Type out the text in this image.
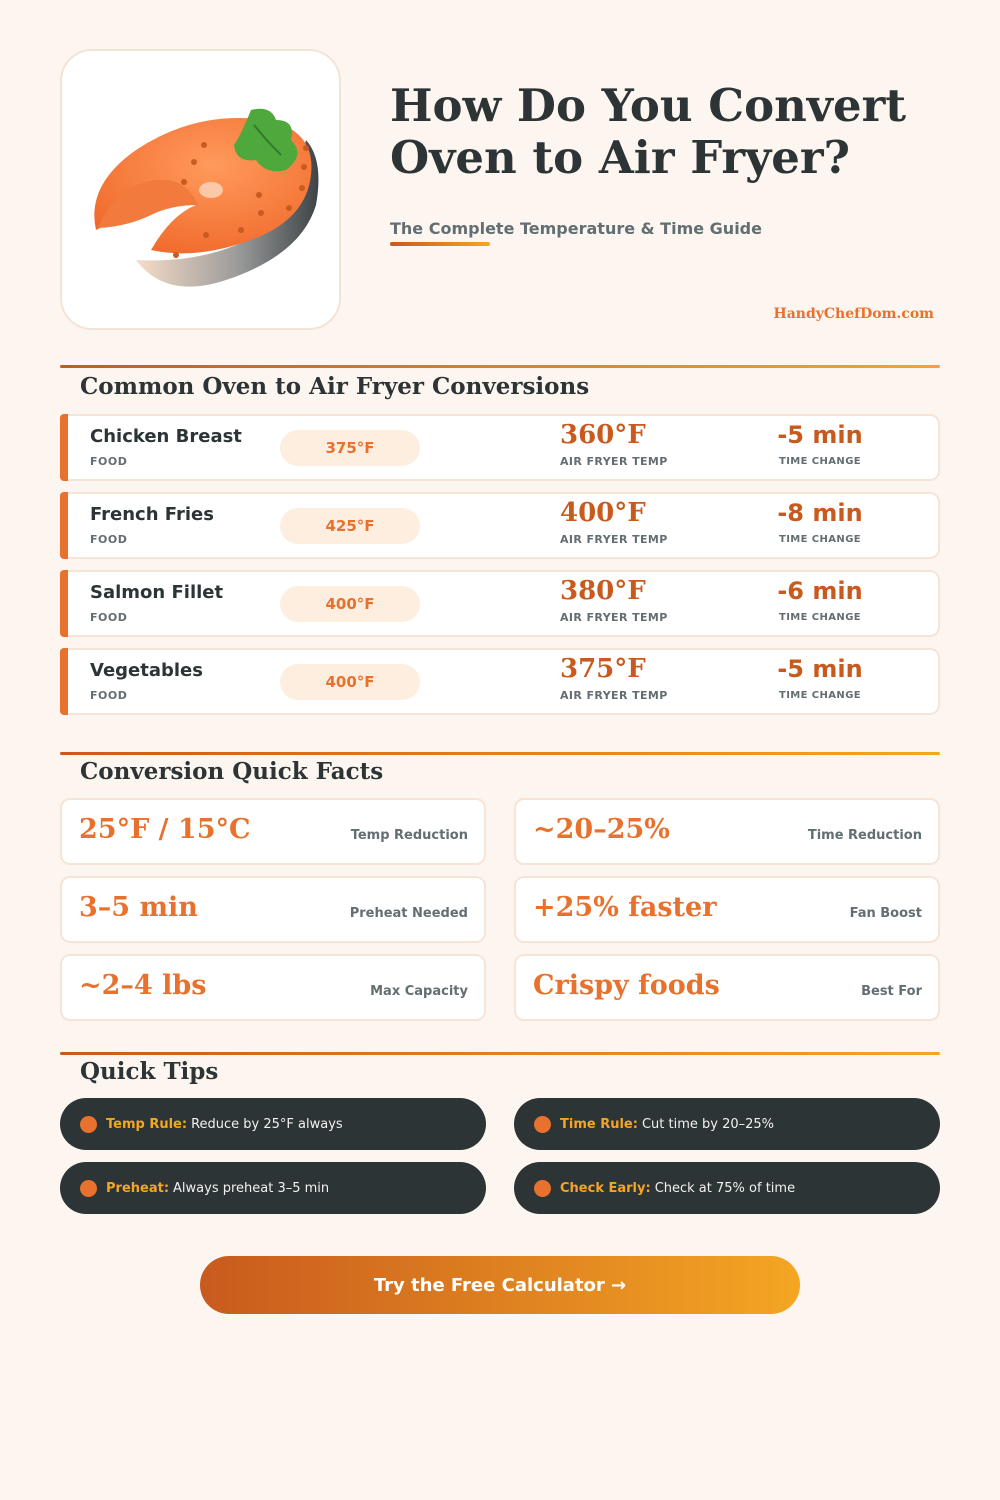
How Do You Convert
Oven to Air Fryer?
The Complete Temperature & Time Guide
HandyChefDom.com
Common Oven to Air Fryer Conversions
Chicken Breast
FOOD
375°F	360°F
AIR FRYER TEMP
-5 min
TIME CHANGE
French Fries
FOOD
425°F	400°F
AIR FRYER TEMP
-8 min
TIME CHANGE
Salmon Fillet
FOOD
400°F	380°F
AIR FRYER TEMP
-6 min
TIME CHANGE
Vegetables
FOOD
400°F	375°F
AIR FRYER TEMP
-5 min
TIME CHANGE
Conversion Quick Facts
25°F / 15°C	Temp Reduction ~20–25%	Time Reduction
3–5 min	Preheat Needed +25% faster	Fan Boost
~2–4 lbs	Max Capacity Crispy foods	Best For
Quick Tips
Temp Rule: Reduce by 25°F always	Time Rule: Cut time by 20–25%
Preheat: Always preheat 3–5 min	Check Early: Check at 75% of time
Try the Free Calculator →
